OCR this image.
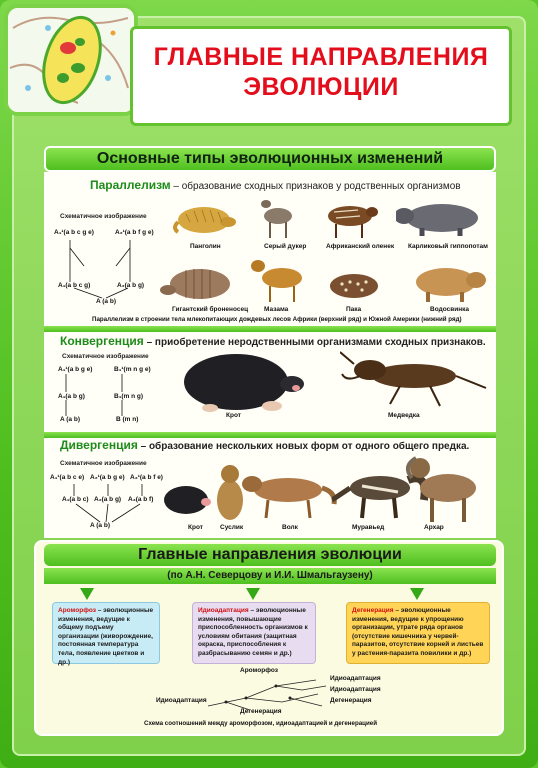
ГЛАВНЫЕ НАПРАВЛЕНИЯ
ЭВОЛЮЦИИ
Основные типы эволюционных изменений
Параллелизм – образование сходных признаков у родственных организмов
Схематичное изображение
A₁¹(a b c g e)	A₂¹(a b f g e)
A₁(a b c g)	A₂(a b g)
A (a b)
Панголин	Серый дукер	Африканский оленек Карликовый гиппопотам
Гигантский броненосец Мазама	Пака	Водосвинка
Параллелизм в строении тела млекопитающих дождевых лесов Африки (верхний ряд) и Южной Америки (нижний ряд)
Конвергенция – приобретение неродственными организмами сходных признаков.
Схематичное изображение
A₁¹(a b g e)	B₁¹(m n g e)
A₁(a b g)	B₁(m n g)
A (a b)	B (m n)
Крот	Медведка
Дивергенция – образование нескольких новых форм от одного общего предка.
Схематичное изображение
A₁¹(a b c e) A₂¹(a b g e) A₃¹(a b f e)
A₁(a b c) A₂(a b g) A₃(a b f)
A (a b)	Крот	Суслик	Волк	Муравьед	Архар
Главные направления эволюции
(по А.Н. Северцову и И.И. Шмальгаузену)
Ароморфоз – эволюционные изменения, ведущие к общему подъему организации (живорождение, постоянная температура тела, появление цветков и др.)
Идиоадаптация – эволюционные изменения, повышающие приспособленность организмов к условиям обитания (защитная окраска, приспособления к разбрасыванию семян и др.)
Дегенерация – эволюционные изменения, ведущие к упрощению организации, утрате ряда органов (отсутствие кишечника у червей-паразитов, отсутствие корней и листьев у растения-паразита повилики и др.)
Ароморфоз
Идиоадаптация
Идиоадаптация
Идиоадаптация	Дегенерация
Дегенерация
Схема соотношений между ароморфозом, идиоадаптацией и дегенерацией
